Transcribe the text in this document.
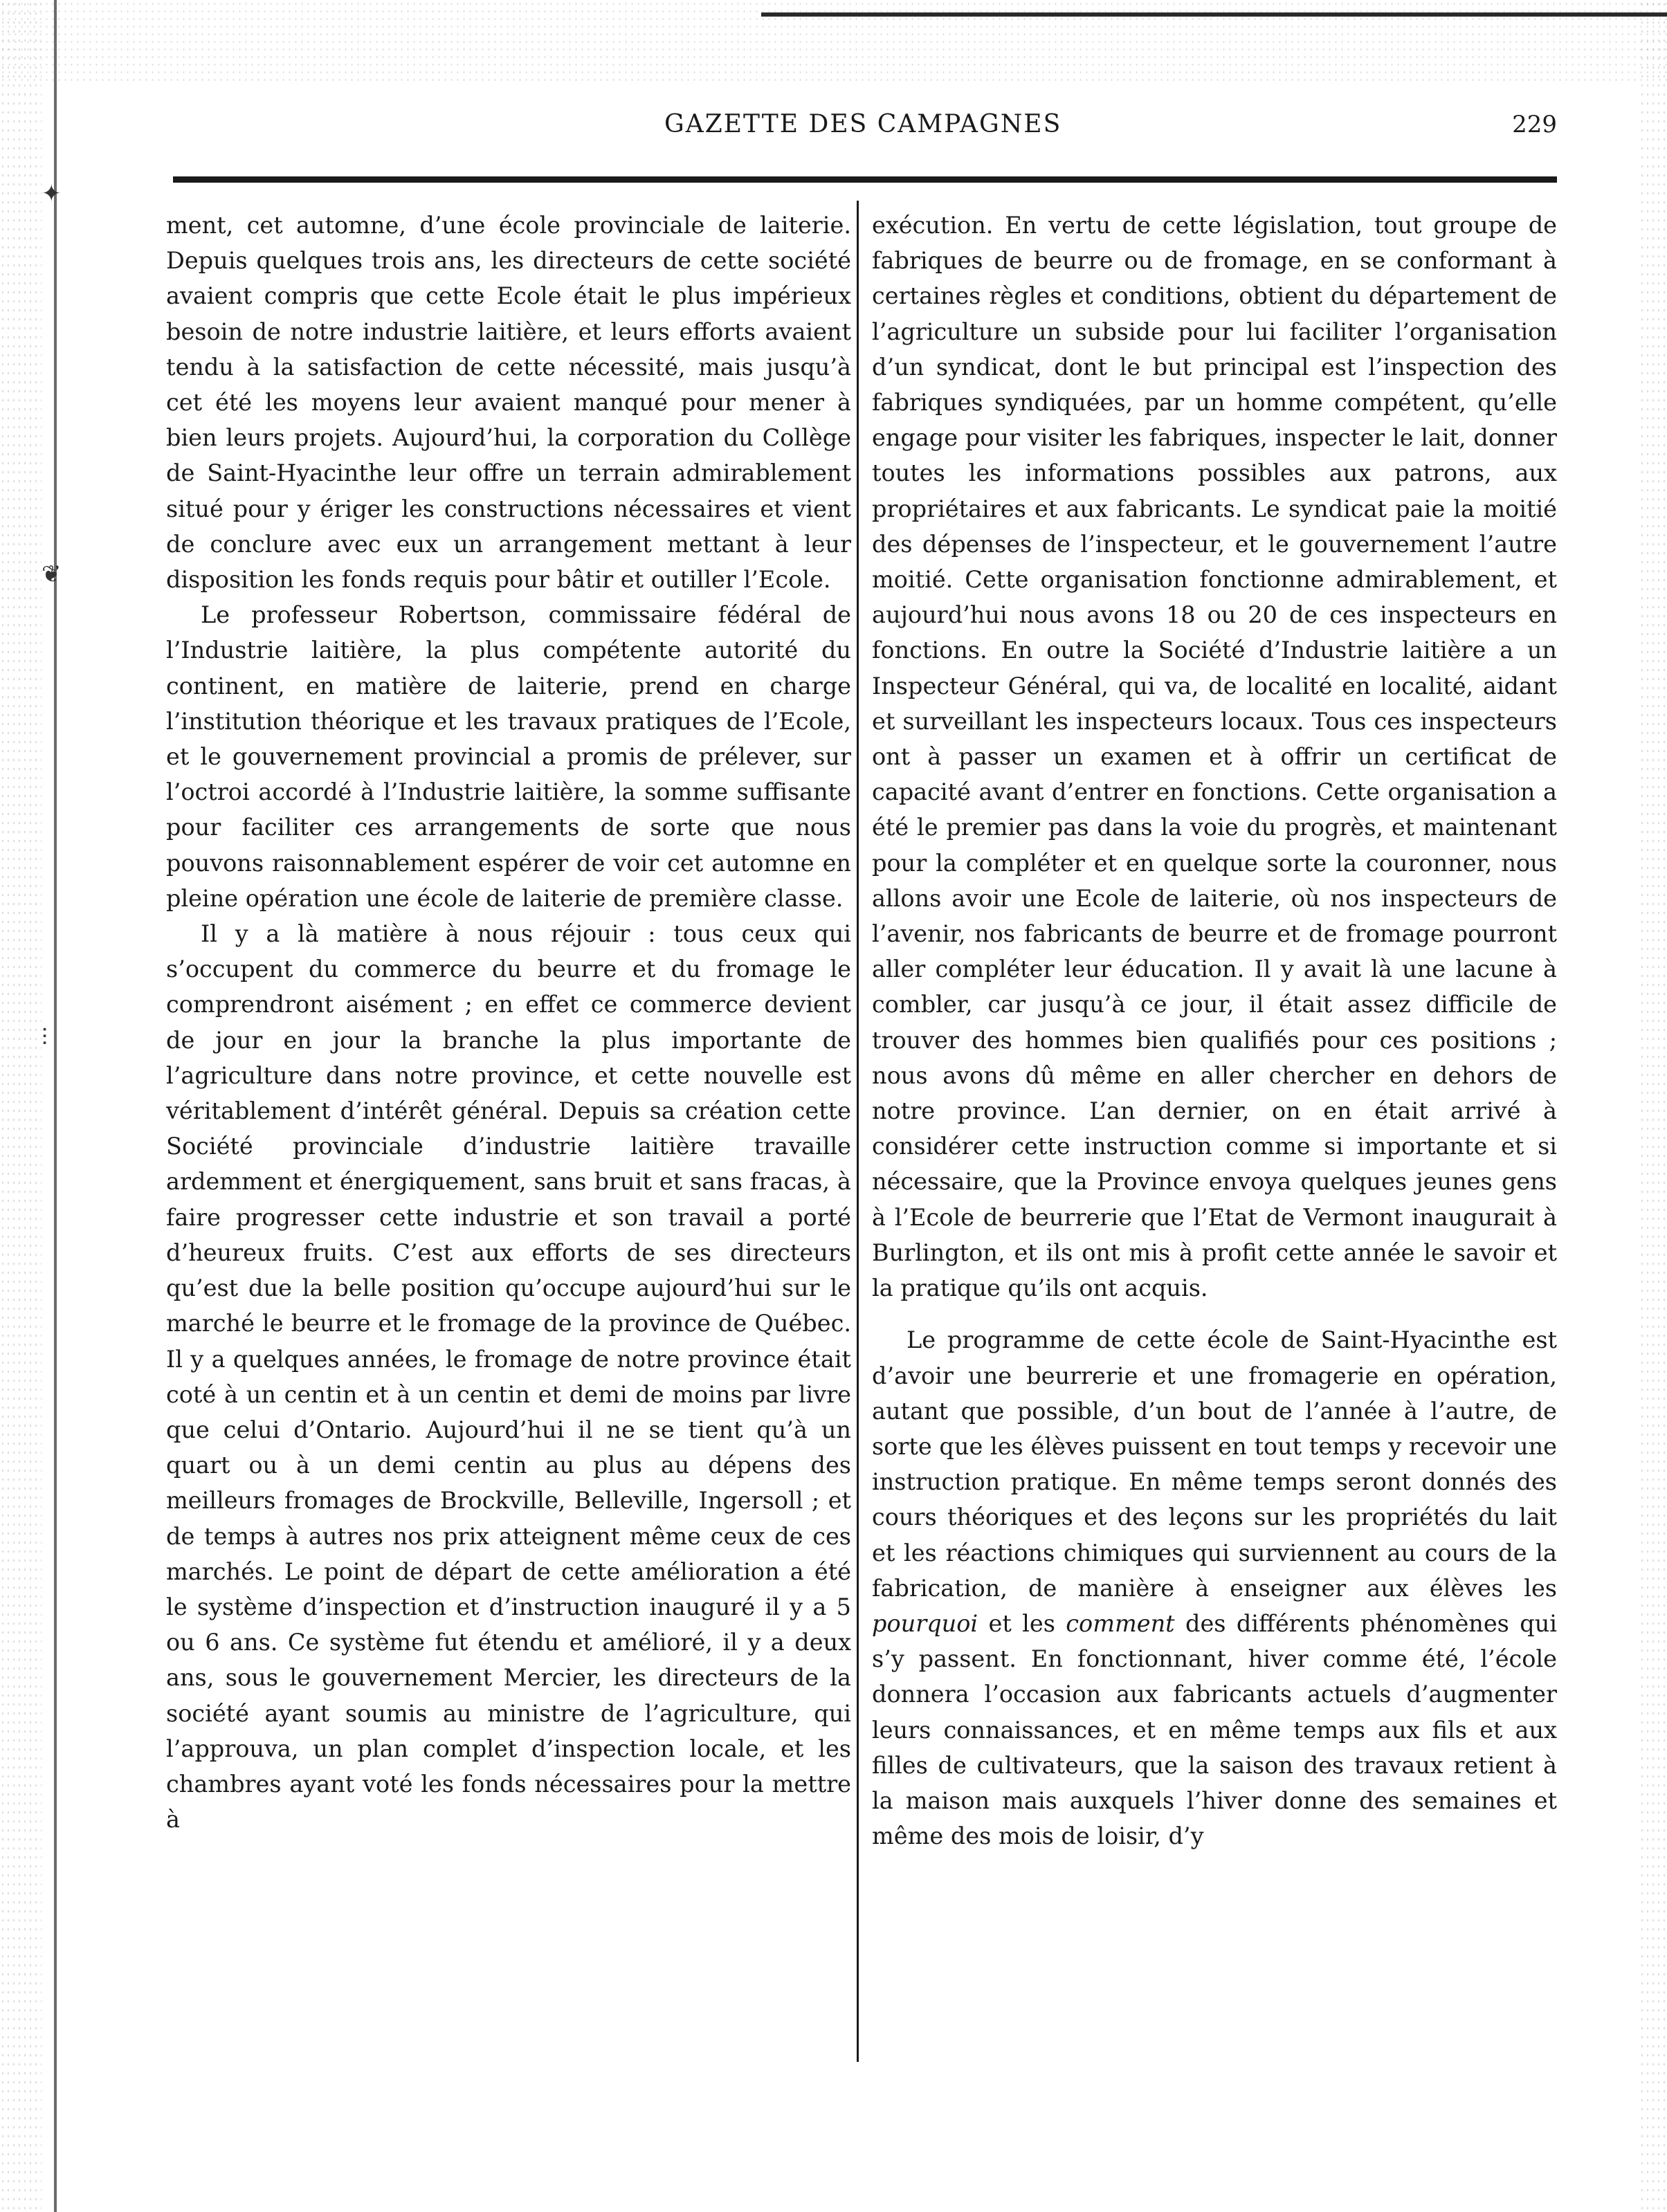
✦
❦
⫶
GAZETTE DES CAMPAGNES	229

ment, cet automne, d’une école provinciale de laiterie. Depuis quelques trois ans, les directeurs de cette société avaient compris que cette Ecole était le plus impérieux besoin de notre industrie laitière, et leurs efforts avaient tendu à la satisfaction de cette nécessité, mais jusqu’à cet été les moyens leur avaient manqué pour mener à bien leurs projets. Aujourd’hui, la corporation du Collège de Saint-Hyacinthe leur offre un terrain admirablement situé pour y ériger les constructions nécessaires et vient de conclure avec eux un arrangement mettant à leur disposition les fonds requis pour bâtir et outiller l’Ecole.

Le professeur Robertson, commissaire fédéral de l’Industrie laitière, la plus compétente autorité du continent, en matière de laiterie, prend en charge l’institution théorique et les travaux pratiques de l’Ecole, et le gouvernement provincial a promis de prélever, sur l’octroi accordé à l’Industrie laitière, la somme suffisante pour faciliter ces arrangements de sorte que nous pouvons raisonnablement espérer de voir cet automne en pleine opération une école de laiterie de première classe.

Il y a là matière à nous réjouir : tous ceux qui s’occupent du commerce du beurre et du fromage le comprendront aisément ; en effet ce commerce devient de jour en jour la branche la plus importante de l’agriculture dans notre province, et cette nouvelle est véritablement d’intérêt général. Depuis sa création cette Société provinciale d’industrie laitière travaille ardemment et énergiquement, sans bruit et sans fracas, à faire progresser cette industrie et son travail a porté d’heureux fruits. C’est aux efforts de ses directeurs qu’est due la belle position qu’occupe aujourd’hui sur le marché le beurre et le fromage de la province de Québec. Il y a quelques années, le fromage de notre province était coté à un centin et à un centin et demi de moins par livre que celui d’Ontario. Aujourd’hui il ne se tient qu’à un quart ou à un demi centin au plus au dépens des meilleurs fromages de Brockville, Belleville, Ingersoll ; et de temps à autres nos prix atteignent même ceux de ces marchés. Le point de départ de cette amélioration a été le système d’inspection et d’instruction inauguré il y a 5 ou 6 ans. Ce système fut étendu et amélioré, il y a deux ans, sous le gouvernement Mercier, les directeurs de la société ayant soumis au ministre de l’agriculture, qui l’approuva, un plan complet d’inspection locale, et les chambres ayant voté les fonds nécessaires pour la mettre à

exécution. En vertu de cette législation, tout groupe de fabriques de beurre ou de fromage, en se conformant à certaines règles et conditions, obtient du département de l’agriculture un subside pour lui faciliter l’organisation d’un syndicat, dont le but principal est l’inspection des fabriques syndiquées, par un homme compétent, qu’elle engage pour visiter les fabriques, inspecter le lait, donner toutes les informations possibles aux patrons, aux propriétaires et aux fabricants. Le syndicat paie la moitié des dépenses de l’inspecteur, et le gouvernement l’autre moitié. Cette organisation fonctionne admirablement, et aujourd’hui nous avons 18 ou 20 de ces inspecteurs en fonctions. En outre la Société d’Industrie laitière a un Inspecteur Général, qui va, de localité en localité, aidant et surveillant les inspecteurs locaux. Tous ces inspecteurs ont à passer un examen et à offrir un certificat de capacité avant d’entrer en fonctions. Cette organisation a été le premier pas dans la voie du progrès, et maintenant pour la compléter et en quelque sorte la couronner, nous allons avoir une Ecole de laiterie, où nos inspecteurs de l’avenir, nos fabricants de beurre et de fromage pourront aller compléter leur éducation. Il y avait là une lacune à combler, car jusqu’à ce jour, il était assez difficile de trouver des hommes bien qualifiés pour ces positions ; nous avons dû même en aller chercher en dehors de notre province. L’an dernier, on en était arrivé à considérer cette instruction comme si importante et si nécessaire, que la Province envoya quelques jeunes gens à l’Ecole de beurrerie que l’Etat de Vermont inaugurait à Burlington, et ils ont mis à profit cette année le savoir et la pratique qu’ils ont acquis.

Le programme de cette école de Saint-Hyacinthe est d’avoir une beurrerie et une fromagerie en opération, autant que possible, d’un bout de l’année à l’autre, de sorte que les élèves puissent en tout temps y recevoir une instruction pratique. En même temps seront donnés des cours théoriques et des leçons sur les propriétés du lait et les réactions chimiques qui surviennent au cours de la fabrication, de manière à enseigner aux élèves les pourquoi et les comment des différents phénomènes qui s’y passent. En fonctionnant, hiver comme été, l’école donnera l’occasion aux fabricants actuels d’augmenter leurs connaissances, et en même temps aux fils et aux filles de cultivateurs, que la saison des travaux retient à la maison mais auxquels l’hiver donne des semaines et même des mois de loisir, d’y
